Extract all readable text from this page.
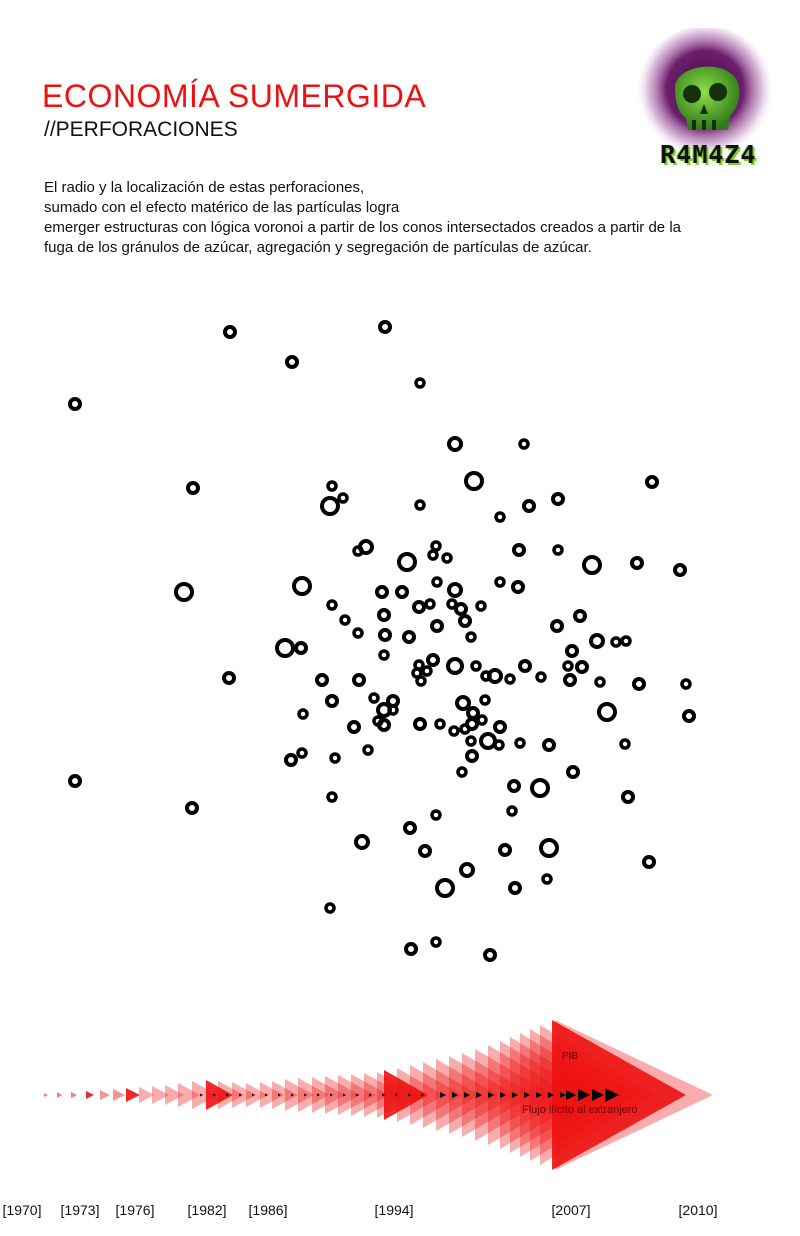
ECONOMÍA SUMERGIDA
//PERFORACIONES
El radio y la localización de estas perforaciones,
sumado con el efecto matérico de las partículas logra
emerger estructuras con lógica voronoi a partir de los conos intersectados creados a partir de la fuga de los gránulos de azúcar, agregación y segregación de partículas de azúcar.
R4M4Z4
PIB
Flujo ilícito al extranjero
[1970] [1973] [1976] [1982] [1986]	[1994]	[2007]	[2010]
